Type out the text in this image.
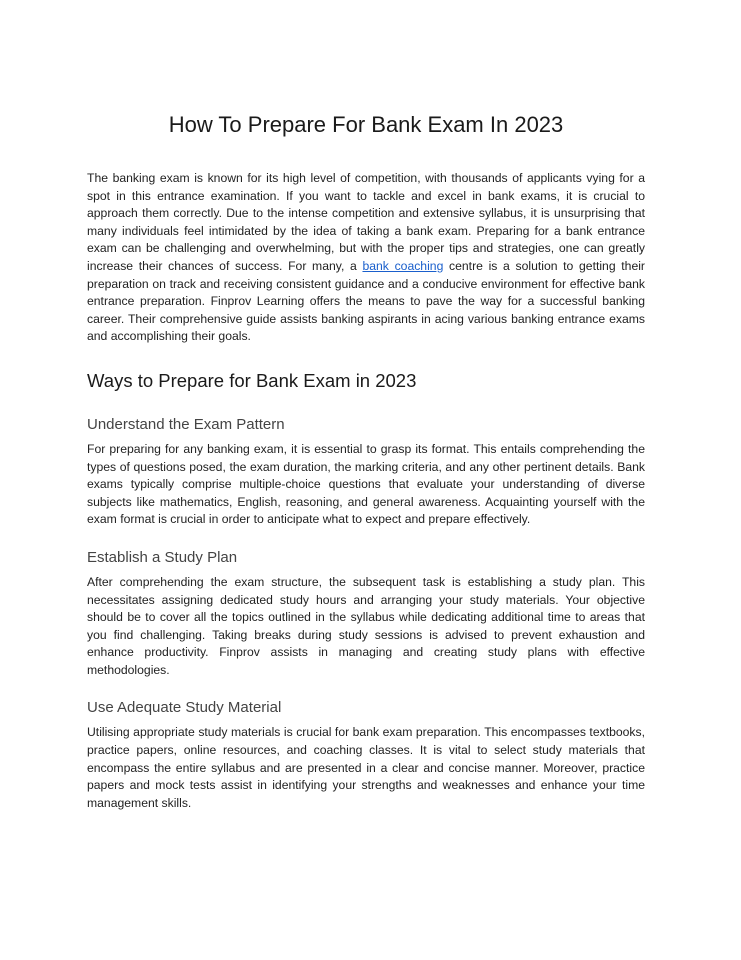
How To Prepare For Bank Exam In 2023

The banking exam is known for its high level of competition, with thousands of applicants vying for a spot in this entrance examination. If you want to tackle and excel in bank exams, it is crucial to approach them correctly. Due to the intense competition and extensive syllabus, it is unsurprising that many individuals feel intimidated by the idea of taking a bank exam. Preparing for a bank entrance exam can be challenging and overwhelming, but with the proper tips and strategies, one can greatly increase their chances of success. For many, a bank coaching centre is a solution to getting their preparation on track and receiving consistent guidance and a conducive environment for effective bank entrance preparation. Finprov Learning offers the means to pave the way for a successful banking career. Their comprehensive guide assists banking aspirants in acing various banking entrance exams and accomplishing their goals.

Ways to Prepare for Bank Exam in 2023
Understand the Exam Pattern

For preparing for any banking exam, it is essential to grasp its format. This entails comprehending the types of questions posed, the exam duration, the marking criteria, and any other pertinent details. Bank exams typically comprise multiple-choice questions that evaluate your understanding of diverse subjects like mathematics, English, reasoning, and general awareness. Acquainting yourself with the exam format is crucial in order to anticipate what to expect and prepare effectively.

Establish a Study Plan

After comprehending the exam structure, the subsequent task is establishing a study plan. This necessitates assigning dedicated study hours and arranging your study materials. Your objective should be to cover all the topics outlined in the syllabus while dedicating additional time to areas that you find challenging. Taking breaks during study sessions is advised to prevent exhaustion and enhance productivity. Finprov assists in managing and creating study plans with effective methodologies.

Use Adequate Study Material

Utilising appropriate study materials is crucial for bank exam preparation. This encompasses textbooks, practice papers, online resources, and coaching classes. It is vital to select study materials that encompass the entire syllabus and are presented in a clear and concise manner. Moreover, practice papers and mock tests assist in identifying your strengths and weaknesses and enhance your time management skills.
